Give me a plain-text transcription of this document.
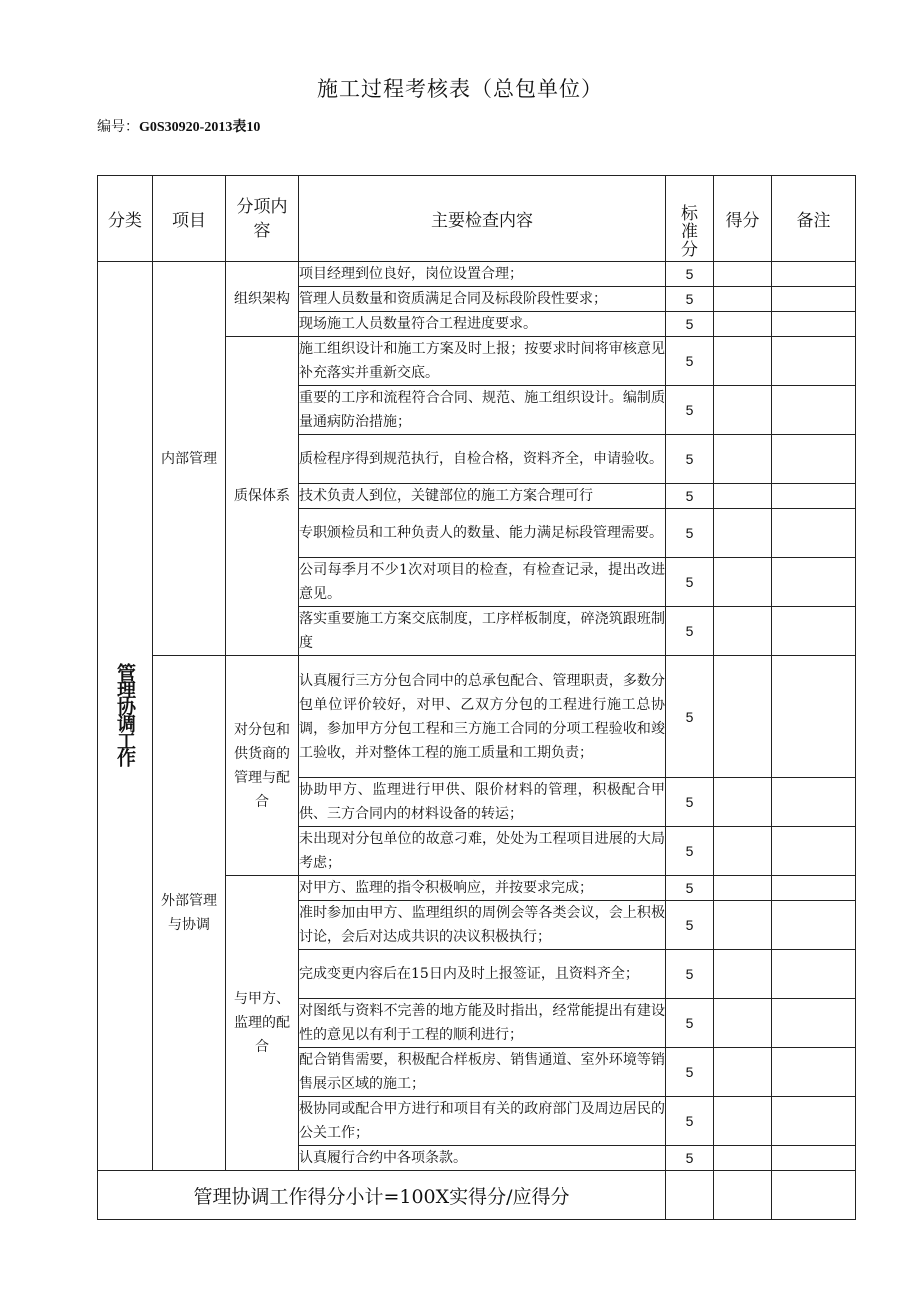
施工过程考核表（总包单位）
编号：G0S30920-2013表10
分类	项目	分项内容	主要检查内容	标准分	得分	备注
管理协调工作	内部管理	组织架构	项目经理到位良好，岗位设置合理；	5		
			管理人员数量和资质满足合同及标段阶段性要求；	5		
			现场施工人员数量符合工程进度要求。	5		
		质保体系	施工组织设计和施工方案及时上报；按要求时间将审核意见补充落实并重新交底。	5		
			重要的工序和流程符合合同、规范、施工组织设计。编制质量通病防治措施；	5		
			质检程序得到规范执行，自检合格，资料齐全，申请验收。	5		
			技术负责人到位，关键部位的施工方案合理可行	5		
			专职颁检员和工种负责人的数量、能力满足标段管理需要。	5		
			公司每季月不少1次对项目的检查，有检查记录，提出改进意见。	5		
			落实重要施工方案交底制度，工序样板制度，碎浇筑跟班制度	5		
	外部管理与协调	对分包和供货商的管理与配合	认真履行三方分包合同中的总承包配合、管理职责，多数分包单位评价较好，对甲、乙双方分包的工程进行施工总协调，参加甲方分包工程和三方施工合同的分项工程验收和竣工验收，并对整体工程的施工质量和工期负责；	5		
			协助甲方、监理进行甲供、限价材料的管理，积极配合甲供、三方合同内的材料设备的转运；	5		
			未出现对分包单位的故意刁难，处处为工程项目进展的大局考虑；	5		
		与甲方、监理的配合	对甲方、监理的指令积极响应，并按要求完成；	5		
			准时参加由甲方、监理组织的周例会等各类会议，会上积极讨论，会后对达成共识的决议积极执行；	5		
			完成变更内容后在15日内及时上报签证，且资料齐全；	5		
			对图纸与资料不完善的地方能及时指出，经常能提出有建设性的意见以有利于工程的顺利进行；	5		
			配合销售需要，积极配合样板房、销售通道、室外环境等销售展示区域的施工；	5		
			极协同或配合甲方进行和项目有关的政府部门及周边居民的公关工作；	5		
			认真履行合约中各项条款。	5		
管理协调工作得分小计=100X实得分/应得分						
